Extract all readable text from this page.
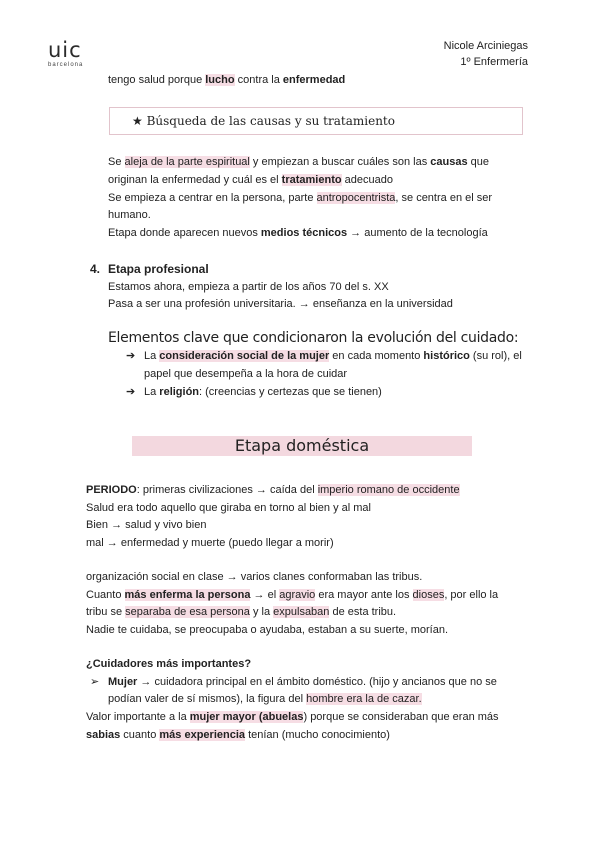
uic
barcelona
Nicole Arciniegas
1º Enfermería
tengo salud porque lucho contra la enfermedad
★ Búsqueda de las causas y su tratamiento
Se aleja de la parte espiritual y empiezan a buscar cuáles son las causas que
originan la enfermedad y cuál es el tratamiento adecuado
Se empieza a centrar en la persona, parte antropocentrista, se centra en el ser
humano.
Etapa donde aparecen nuevos medios técnicos → aumento de la tecnología
4. Etapa profesional
Estamos ahora, empieza a partir de los años 70 del s. XX
Pasa a ser una profesión universitaria. → enseñanza en la universidad
Elementos clave que condicionaron la evolución del cuidado:
➔ La consideración social de la mujer en cada momento histórico (su rol), el
papel que desempeña a la hora de cuidar
➔ La religión: (creencias y certezas que se tienen)
Etapa doméstica
PERIODO: primeras civilizaciones → caída del imperio romano de occidente
Salud era todo aquello que giraba en torno al bien y al mal
Bien → salud y vivo bien
mal → enfermedad y muerte (puedo llegar a morir)
organización social en clase → varios clanes conformaban las tribus.
Cuanto más enferma la persona → el agravio era mayor ante los dioses, por ello la
tribu se separaba de esa persona y la expulsaban de esta tribu.
Nadie te cuidaba, se preocupaba o ayudaba, estaban a su suerte, morían.
¿Cuidadores más importantes?
➢ Mujer → cuidadora principal en el ámbito doméstico. (hijo y ancianos que no se
podían valer de sí mismos), la figura del hombre era la de cazar.
Valor importante a la mujer mayor (abuelas) porque se consideraban que eran más
sabias cuanto más experiencia tenían (mucho conocimiento)
